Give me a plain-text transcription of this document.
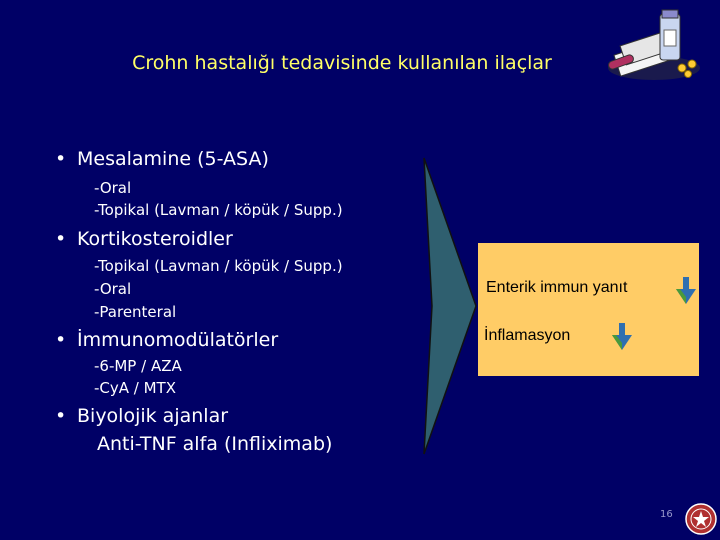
Crohn hastalığı tedavisinde kullanılan ilaçlar
• Mesalamine (5-ASA)
-Oral
-Topikal (Lavman / köpük / Supp.)
• Kortikosteroidler
-Topikal (Lavman / köpük / Supp.)
-Oral
-Parenteral
• İmmunomodülatörler
-6-MP / AZA
-CyA / MTX
• Biyolojik ajanlar
Anti-TNF alfa (Infliximab)
Enterik immun yanıt
İnflamasyon
16
